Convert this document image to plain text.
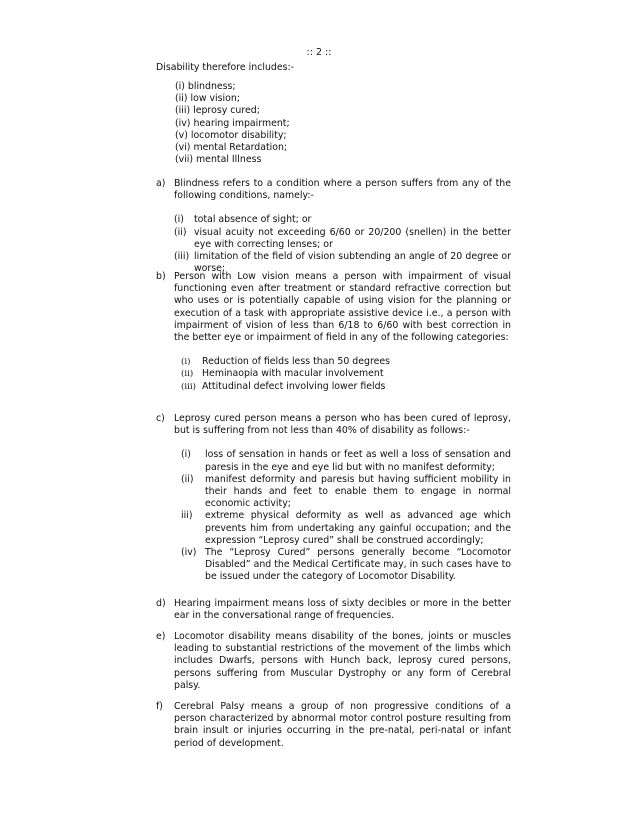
:: 2 ::
Disability therefore includes:-
(i) blindness;
(ii) low vision;
(iii) leprosy cured;
(iv) hearing impairment;
(v) locomotor disability;
(vi) mental Retardation;
(vii) mental Illness
a) Blindness refers to a condition where a person suffers from any of the following conditions, namely:-
(i) total absence of sight; or
(ii) visual acuity not exceeding 6/60 or 20/200 (snellen) in the better eye with correcting lenses; or
(iii) limitation of the field of vision subtending an angle of 20 degree or worse;
b) Person with Low vision means a person with impairment of visual functioning even after treatment or standard refractive correction but who uses or is potentially capable of using vision for the planning or execution of a task with appropriate assistive device i.e., a person with impairment of vision of less than 6/18 to 6/60 with best correction in the better eye or impairment of field in any of the following categories:
(i) Reduction of fields less than 50 degrees
(ii) Heminaopia with macular involvement
(iii) Attitudinal defect involving lower fields
c) Leprosy cured person means a person who has been cured of leprosy, but is suffering from not less than 40% of disability as follows:-
(i) loss of sensation in hands or feet as well a loss of sensation and paresis in the eye and eye lid but with no manifest deformity;
(ii) manifest deformity and paresis but having sufficient mobility in their hands and feet to enable them to engage in normal economic activity;
iii) extreme physical deformity as well as advanced age which prevents him from undertaking any gainful occupation; and the expression “Leprosy cured” shall be construed accordingly;
(iv) The “Leprosy Cured” persons generally become “Locomotor Disabled” and the Medical Certificate may, in such cases have to be issued under the category of Locomotor Disability.
d) Hearing impairment means loss of sixty decibles or more in the better ear in the conversational range of frequencies.
e) Locomotor disability means disability of the bones, joints or muscles leading to substantial restrictions of the movement of the limbs which includes Dwarfs, persons with Hunch back, leprosy cured persons, persons suffering from Muscular Dystrophy or any form of Cerebral palsy.
f) Cerebral Palsy means a group of non progressive conditions of a person characterized by abnormal motor control posture resulting from brain insult or injuries occurring in the pre-natal, peri-natal or infant period of development.
